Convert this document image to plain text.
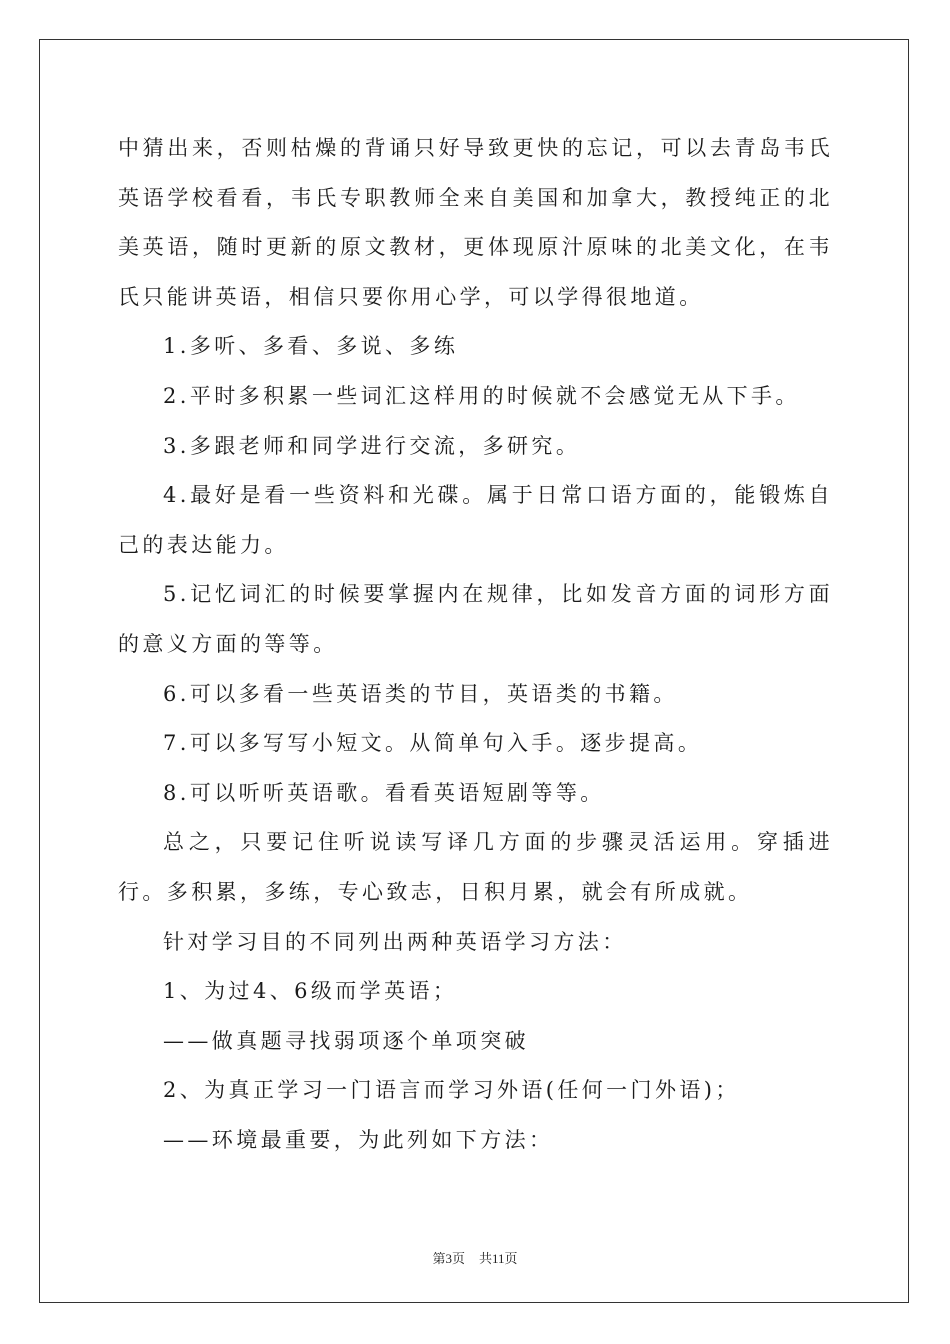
中猜出来，否则枯燥的背诵只好导致更快的忘记，可以去青岛韦氏英语学校看看，韦氏专职教师全来自美国和加拿大，教授纯正的北美英语，随时更新的原文教材，更体现原汁原味的北美文化，在韦氏只能讲英语，相信只要你用心学，可以学得很地道。

1.多听、多看、多说、多练

2.平时多积累一些词汇这样用的时候就不会感觉无从下手。

3.多跟老师和同学进行交流，多研究。

4.最好是看一些资料和光碟。属于日常口语方面的，能锻炼自己的表达能力。

5.记忆词汇的时候要掌握内在规律，比如发音方面的词形方面的意义方面的等等。

6.可以多看一些英语类的节目，英语类的书籍。

7.可以多写写小短文。从简单句入手。逐步提高。

8.可以听听英语歌。看看英语短剧等等。

总之，只要记住听说读写译几方面的步骤灵活运用。穿插进行。多积累，多练，专心致志，日积月累，就会有所成就。

针对学习目的不同列出两种英语学习方法：

1、为过4、6级而学英语；

——做真题寻找弱项逐个单项突破

2、为真正学习一门语言而学习外语(任何一门外语)；

——环境最重要，为此列如下方法：

第3页 共11页
